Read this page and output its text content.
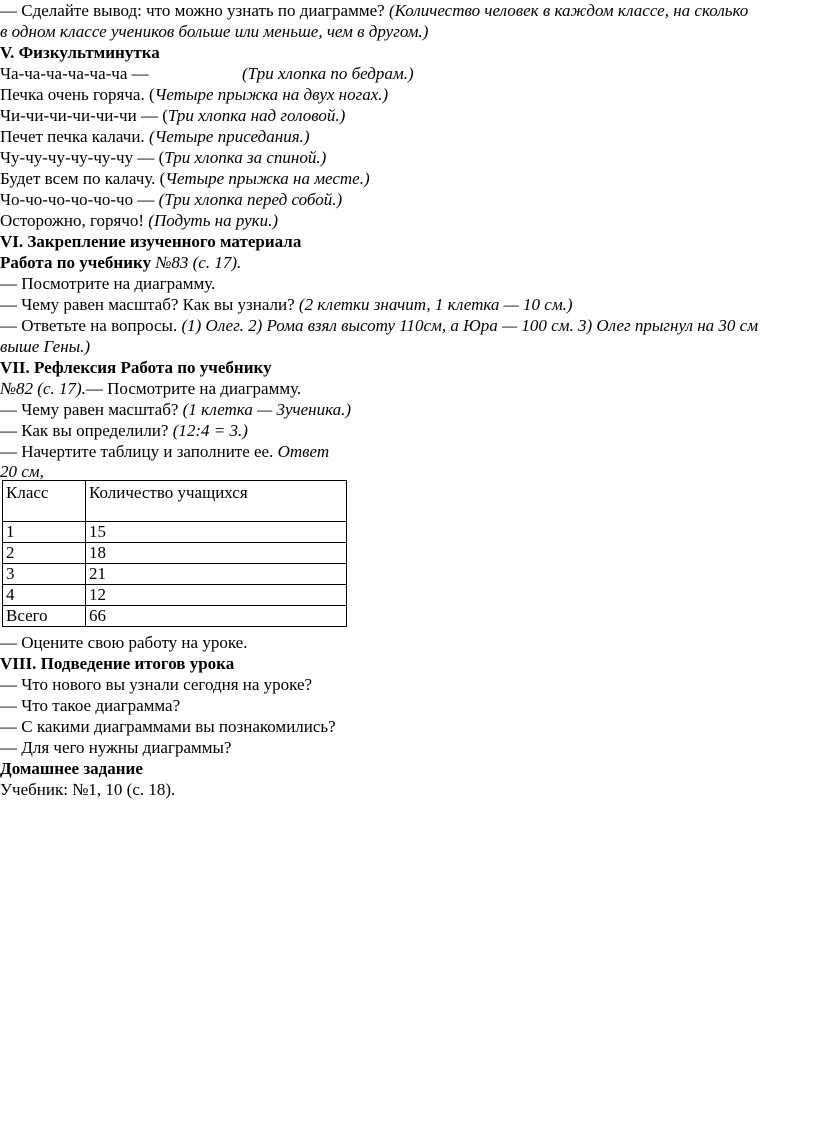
— Сделайте вывод: что можно узнать по диаграмме? (Количество человек в каждом классе, на сколько
в одном классе учеников больше или меньше, чем в другом.)
V. Физкультминутка
Ча-ча-ча-ча-ча-ча —	(Три хлопка по бедрам.)
Печка очень горяча. (Четыре прыжка на двух ногах.)
Чи-чи-чи-чи-чи-чи — (Три хлопка над головой.)
Печет печка калачи. (Четыре приседания.)
Чу-чу-чу-чу-чу-чу — (Три хлопка за спиной.)
Будет всем по калачу. (Четыре прыжка на месте.)
Чо-чо-чо-чо-чо-чо — (Три хлопка перед собой.)
Осторожно, горячо! (Подуть на руки.)
VI. Закрепление изученного материала
Работа по учебнику №83 (с. 17).
— Посмотрите на диаграмму.
— Чему равен масштаб? Как вы узнали? (2 клетки значит, 1 клетка — 10 см.)
— Ответьте на вопросы. (1) Олег. 2) Рома взял высоту 110см, а Юра — 100 см. 3) Олег прыгнул на 30 см
выше Гены.)
VII. Рефлексия Работа по учебнику
№82 (с. 17).— Посмотрите на диаграмму.
— Чему равен масштаб? (1 клетка — 3ученика.)
— Как вы определили? (12:4 = 3.)
— Начертите таблицу и заполните ее. Ответ
20 см,
Класс	Количество учащихся
1	15
2	18
3	21
4	12
Всего	66
— Оцените свою работу на уроке.
VIII. Подведение итогов урока
— Что нового вы узнали сегодня на уроке?
— Что такое диаграмма?
— С какими диаграммами вы познакомились?
— Для чего нужны диаграммы?
Домашнее задание
Учебник: №1, 10 (с. 18).
